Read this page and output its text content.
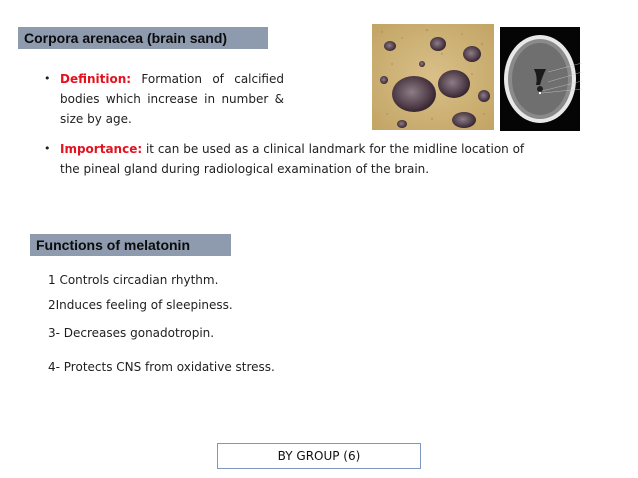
Corpora arenacea (brain sand)
• Definition: Formation of calcified bodies which increase in number & size by age.
• Importance: it can be used as a clinical landmark for the midline location of the pineal gland during radiological examination of the brain.
Functions of melatonin
1 Controls circadian rhythm.
2Induces feeling of sleepiness.
3- Decreases gonadotropin.
4- Protects CNS from oxidative stress.
BY GROUP (6)
